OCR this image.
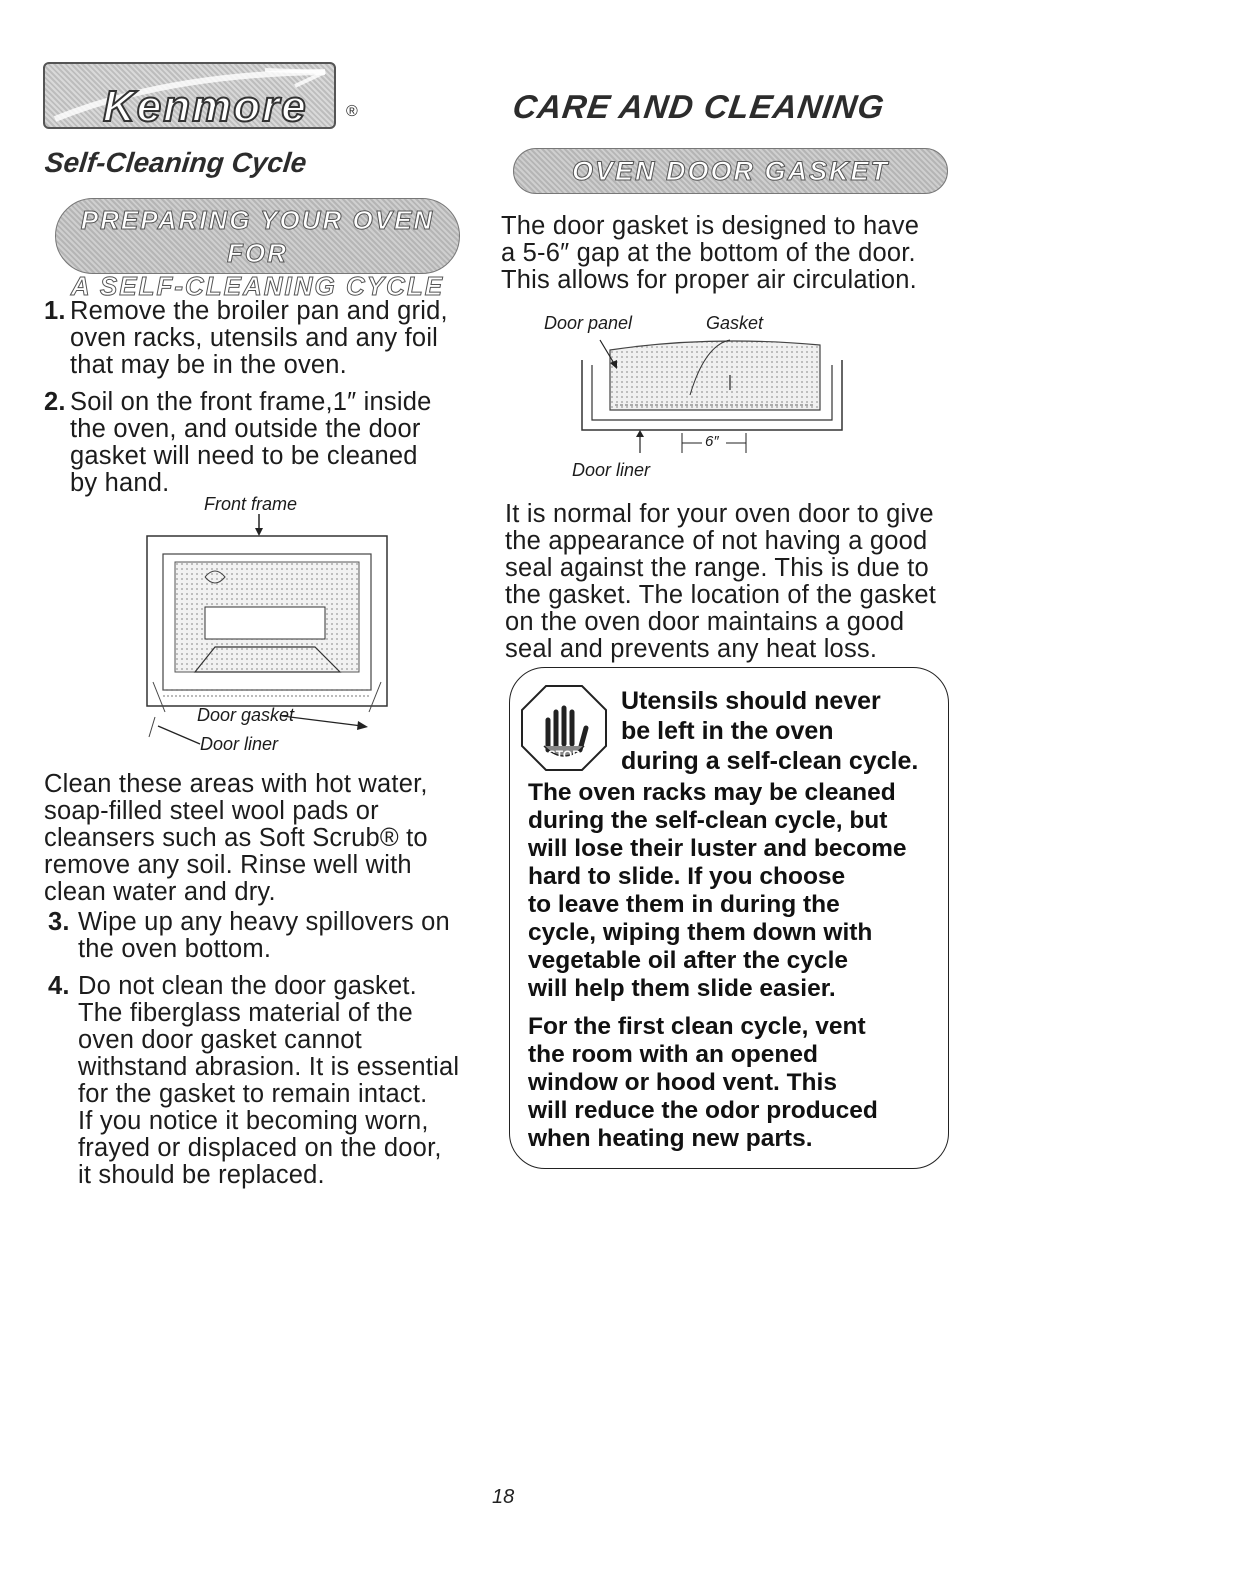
Kenmore ®	CARE AND CLEANING
Self-Cleaning Cycle
PREPARING YOUR OVEN FOR
A SELF-CLEANING CYCLE
OVEN DOOR GASKET
1. Remove the broiler pan and grid,
oven racks, utensils and any foil
that may be in the oven.
2. Soil on the front frame,1″ inside
the oven, and outside the door
gasket will need to be cleaned
by hand.
Front frame
Door gasket
Door liner
Clean these areas with hot water,
soap-filled steel wool pads or
cleansers such as Soft Scrub® to
remove any soil. Rinse well with
clean water and dry.
3. Wipe up any heavy spillovers on
the oven bottom.
4. Do not clean the door gasket.
The fiberglass material of the
oven door gasket cannot
withstand abrasion. It is essential
for the gasket to remain intact.
If you notice it becoming worn,
frayed or displaced on the door,
it should be replaced.
The door gasket is designed to have
a 5-6″ gap at the bottom of the door.
This allows for proper air circulation.
Door panel	Gasket
6″
Door liner
It is normal for your oven door to give
the appearance of not having a good
seal against the range. This is due to
the gasket. The location of the gasket
on the oven door maintains a good
seal and prevents any heat loss.
STOP
Utensils should never
be left in the oven
during a self-clean cycle.
The oven racks may be cleaned
during the self-clean cycle, but
will lose their luster and become
hard to slide. If you choose
to leave them in during the
cycle, wiping them down with
vegetable oil after the cycle
will help them slide easier.
For the first clean cycle, vent
the room with an opened
window or hood vent. This
will reduce the odor produced
when heating new parts.
18
